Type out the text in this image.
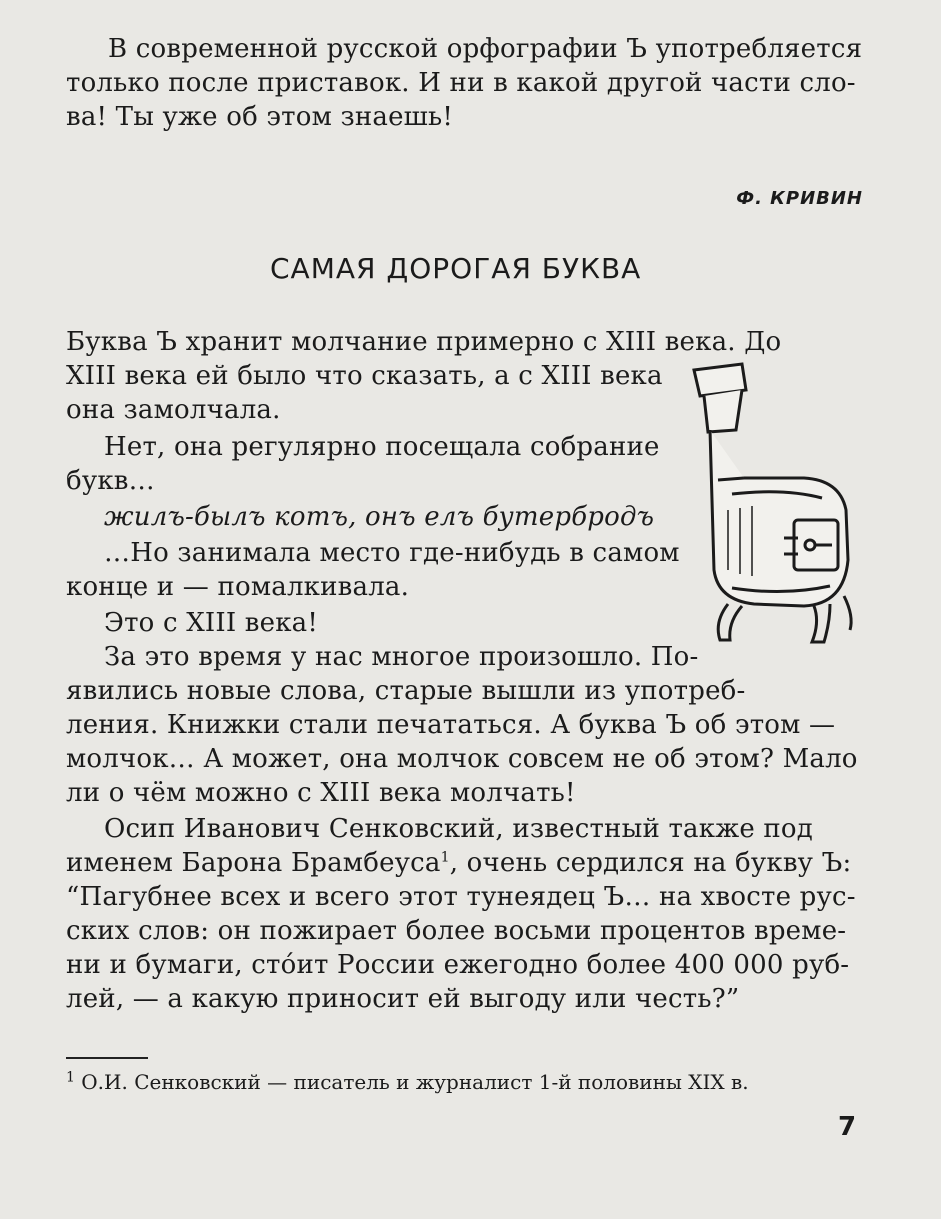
В современной русской орфографии Ъ употребляется
только после приставок. И ни в какой другой части сло-
ва! Ты уже об этом знаешь!
Ф. КРИВИН
САМАЯ ДОРОГАЯ БУКВА
Буква Ъ хранит молчание примерно с XIII века. До
XIII века ей было что сказать, а с XIII века
она замолчала.
Нет, она регулярно посещала собрание
букв…
жилъ-былъ котъ, онъ елъ бутербродъ
…Но занимала место где-нибудь в самом
конце и — помалкивала.
Это с XIII века!
За это время у нас многое произошло. По-
явились новые слова, старые вышли из употреб-
ления. Книжки стали печататься. А буква Ъ об этом —
молчок… А может, она молчок совсем не об этом? Мало
ли о чём можно с XIII века молчать!
Осип Иванович Сенковский, известный также под
именем Барона Брамбеуса$^1$, очень сердился на букву Ъ:
“Пагубнее всех и всего этот тунеядец Ъ… на хвосте рус-
ских слов: он пожирает более восьми процентов време-
ни и бумаги, стóит России ежегодно более 400 000 руб-
лей, — а какую приносит ей выгоду или честь?”
$^1$ О.И. Сенковский — писатель и журналист 1-й половины XIX в.
7
